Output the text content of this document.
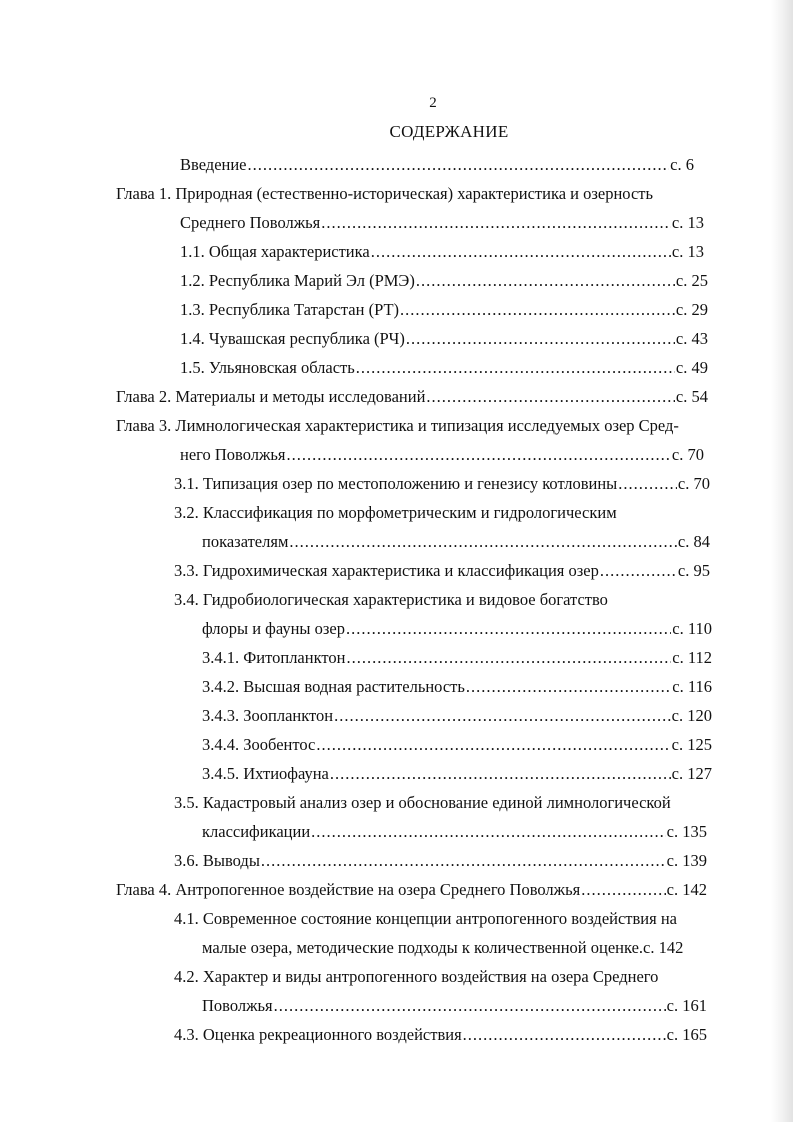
2
СОДЕРЖАНИЕ
Введение .....	с. 6
Глава 1. Природная (естественно-историческая) характеристика и озерность
Среднего Поволжья .....	с. 13
1.1. Общая характеристика .....	с. 13
1.2. Республика Марий Эл (РМЭ) .....	с. 25
1.3. Республика Татарстан (РТ) .....	с. 29
1.4. Чувашская республика (РЧ) .....	с. 43
1.5. Ульяновская область .....	с. 49
Глава 2. Материалы и методы исследований .....	с. 54
Глава 3. Лимнологическая характеристика и типизация исследуемых озер Сред-
него Поволжья .....	с. 70
3.1. Типизация озер по местоположению и генезису котловины .....	с. 70
3.2. Классификация по морфометрическим и гидрологическим
показателям .....	с. 84
3.3. Гидрохимическая характеристика и классификация озер .....	с. 95
3.4. Гидробиологическая характеристика и видовое богатство
флоры и фауны озер .....	с. 110
3.4.1. Фитопланктон .....	с. 112
3.4.2. Высшая водная растительность .....	с. 116
3.4.3. Зоопланктон .....	с. 120
3.4.4. Зообентос .....	с. 125
3.4.5. Ихтиофауна .....	с. 127
3.5. Кадастровый анализ озер и обоснование единой лимнологической
классификации .....	с. 135
3.6. Выводы .....	с. 139
Глава 4. Антропогенное воздействие на озера Среднего Поволжья .....	с. 142
4.1. Современное состояние концепции антропогенного воздействия на
малые озера, методические подходы к количественной оценке.с. 142
4.2. Характер и виды антропогенного воздействия на озера Среднего
Поволжья .....	с. 161
4.3. Оценка рекреационного воздействия .....	с. 165
